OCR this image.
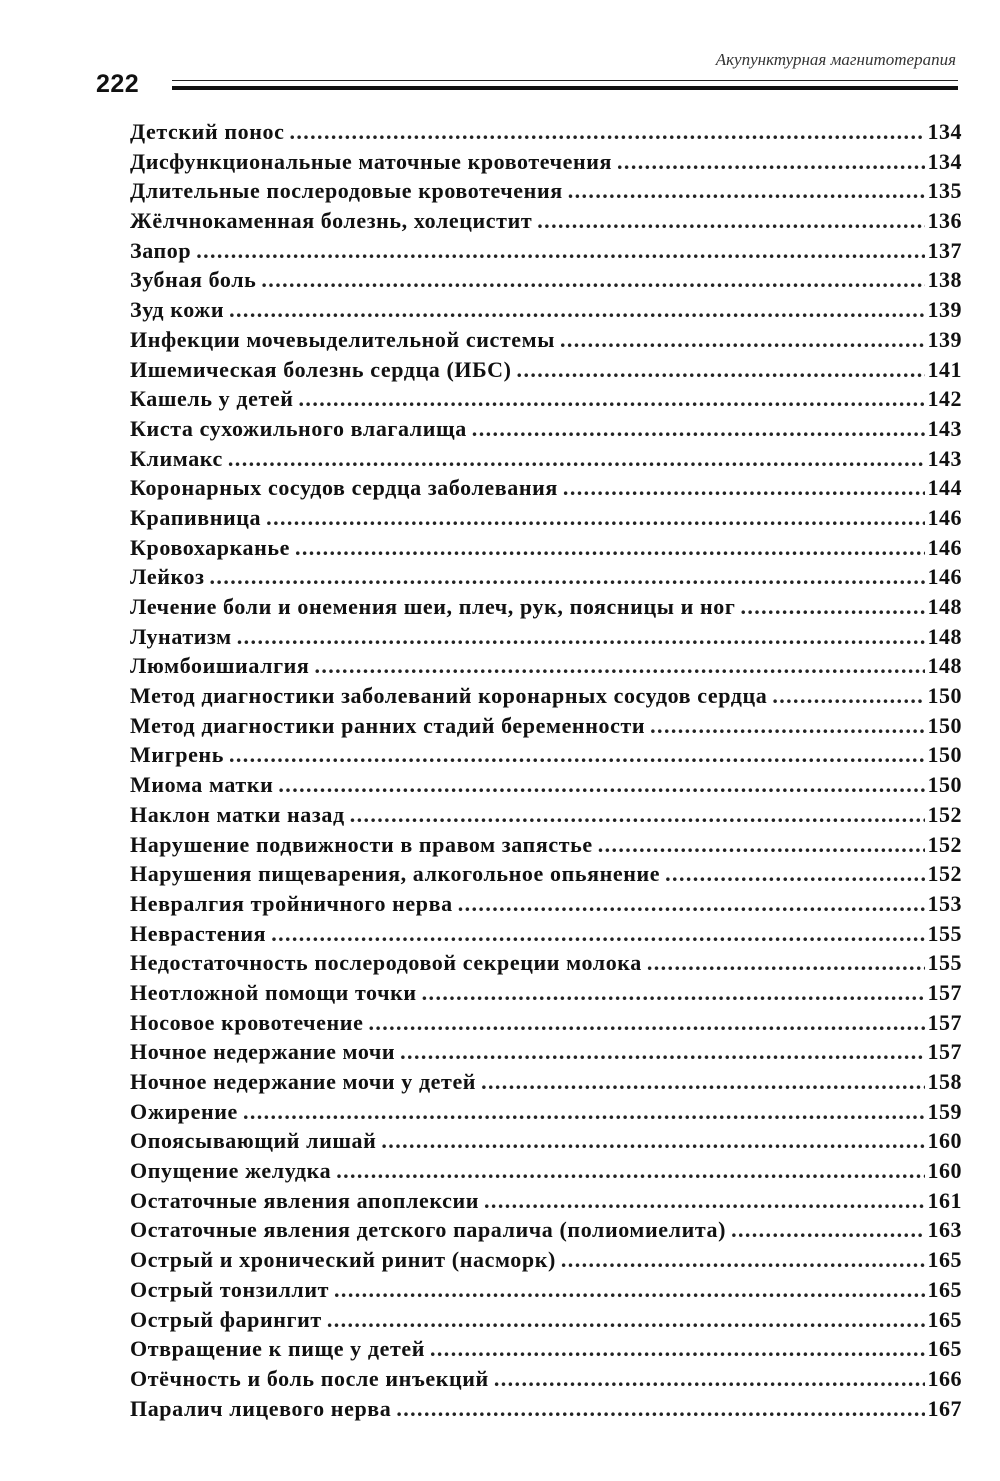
222
Акупунктурная магнитотерапия
Детский понос .....	134
Дисфункциональные маточные кровотечения .....	134
Длительные послеродовые кровотечения .....	135
Жёлчнокаменная болезнь, холецистит .....	136
Запор .....	137
Зубная боль .....	138
Зуд кожи .....	139
Инфекции мочевыделительной системы .....	139
Ишемическая болезнь сердца (ИБС) .....	141
Кашель у детей .....	142
Киста сухожильного влагалища .....	143
Климакс .....	143
Коронарных сосудов сердца заболевания .....	144
Крапивница .....	146
Кровохарканье .....	146
Лейкоз .....	146
Лечение боли и онемения шеи, плеч, рук, поясницы и ног .....	148
Лунатизм .....	148
Люмбоишиалгия .....	148
Метод диагностики заболеваний коронарных сосудов сердца .....	150
Метод диагностики ранних стадий беременности .....	150
Мигрень .....	150
Миома матки .....	150
Наклон матки назад .....	152
Нарушение подвижности в правом запястье .....	152
Нарушения пищеварения, алкогольное опьянение .....	152
Невралгия тройничного нерва .....	153
Неврастения .....	155
Недостаточность послеродовой секреции молока .....	155
Неотложной помощи точки .....	157
Носовое кровотечение .....	157
Ночное недержание мочи .....	157
Ночное недержание мочи у детей .....	158
Ожирение .....	159
Опоясывающий лишай .....	160
Опущение желудка .....	160
Остаточные явления апоплексии .....	161
Остаточные явления детского паралича (полиомиелита) .....	163
Острый и хронический ринит (насморк) .....	165
Острый тонзиллит .....	165
Острый фарингит .....	165
Отвращение к пище у детей .....	165
Отёчность и боль после инъекций .....	166
Паралич лицевого нерва .....	167
